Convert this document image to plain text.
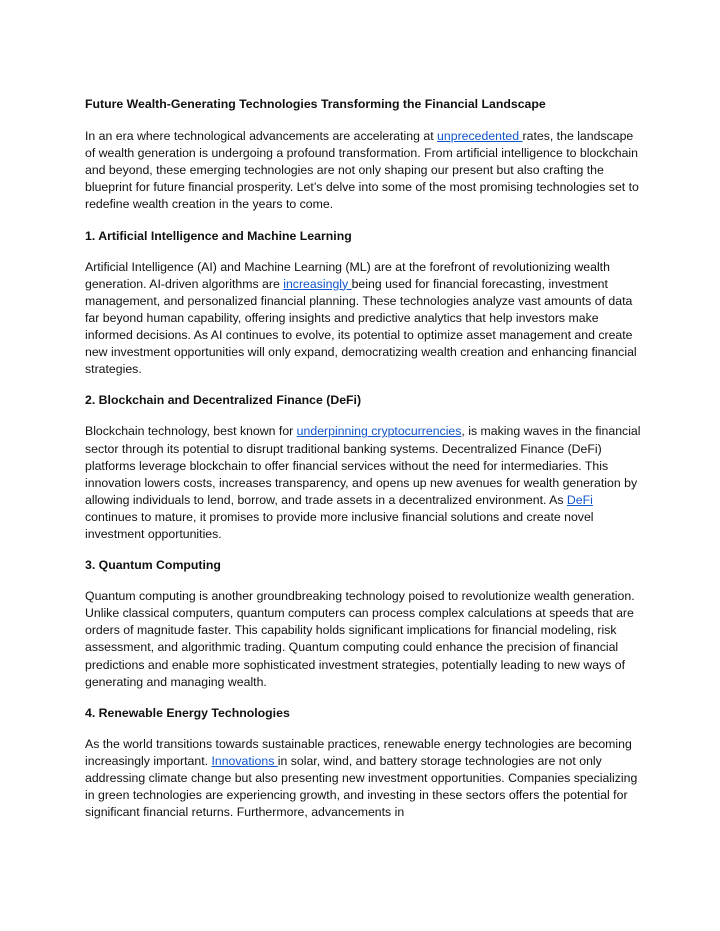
Future Wealth-Generating Technologies Transforming the Financial Landscape

In an era where technological advancements are accelerating at unprecedented rates, the landscape of wealth generation is undergoing a profound transformation. From artificial intelligence to blockchain and beyond, these emerging technologies are not only shaping our present but also crafting the blueprint for future financial prosperity. Let’s delve into some of the most promising technologies set to redefine wealth creation in the years to come.

1. Artificial Intelligence and Machine Learning

Artificial Intelligence (AI) and Machine Learning (ML) are at the forefront of revolutionizing wealth generation. AI-driven algorithms are increasingly being used for financial forecasting, investment management, and personalized financial planning. These technologies analyze vast amounts of data far beyond human capability, offering insights and predictive analytics that help investors make informed decisions. As AI continues to evolve, its potential to optimize asset management and create new investment opportunities will only expand, democratizing wealth creation and enhancing financial strategies.

2. Blockchain and Decentralized Finance (DeFi)

Blockchain technology, best known for underpinning cryptocurrencies, is making waves in the financial sector through its potential to disrupt traditional banking systems. Decentralized Finance (DeFi) platforms leverage blockchain to offer financial services without the need for intermediaries. This innovation lowers costs, increases transparency, and opens up new avenues for wealth generation by allowing individuals to lend, borrow, and trade assets in a decentralized environment. As DeFi continues to mature, it promises to provide more inclusive financial solutions and create novel investment opportunities.

3. Quantum Computing

Quantum computing is another groundbreaking technology poised to revolutionize wealth generation. Unlike classical computers, quantum computers can process complex calculations at speeds that are orders of magnitude faster. This capability holds significant implications for financial modeling, risk assessment, and algorithmic trading. Quantum computing could enhance the precision of financial predictions and enable more sophisticated investment strategies, potentially leading to new ways of generating and managing wealth.

4. Renewable Energy Technologies

As the world transitions towards sustainable practices, renewable energy technologies are becoming increasingly important. Innovations in solar, wind, and battery storage technologies are not only addressing climate change but also presenting new investment opportunities. Companies specializing in green technologies are experiencing growth, and investing in these sectors offers the potential for significant financial returns. Furthermore, advancements in
